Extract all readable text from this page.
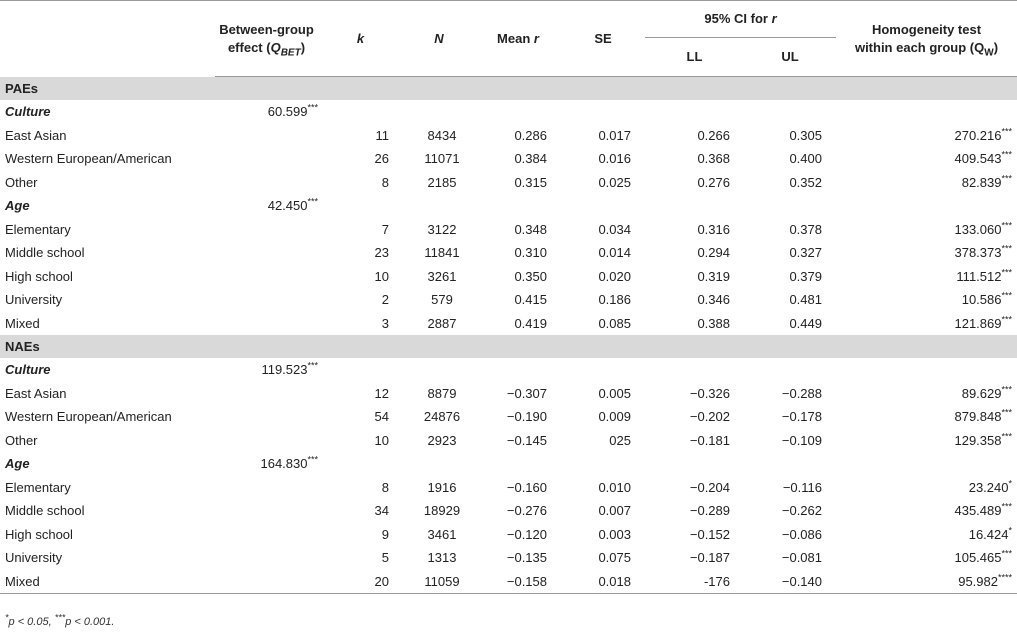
	Between-group
effect $(Q_{BET})$	k	N	Mean r	SE	95% CI for r		Homogeneity test
within each group $(Q_W)$
						LL	UL	
PAEs								
Culture	60.599***							
East Asian		11	8434	0.286	0.017	0.266	0.305	270.216***
Western European/American		26	11071	0.384	0.016	0.368	0.400	409.543***
Other		8	2185	0.315	0.025	0.276	0.352	82.839***
Age	42.450***							
Elementary		7	3122	0.348	0.034	0.316	0.378	133.060***
Middle school		23	11841	0.310	0.014	0.294	0.327	378.373***
High school		10	3261	0.350	0.020	0.319	0.379	111.512***
University		2	579	0.415	0.186	0.346	0.481	10.586***
Mixed		3	2887	0.419	0.085	0.388	0.449	121.869***
NAEs								
Culture	119.523***							
East Asian		12	8879	−0.307	0.005	−0.326	−0.288	89.629***
Western European/American		54	24876	−0.190	0.009	−0.202	−0.178	879.848***
Other		10	2923	−0.145	025	−0.181	−0.109	129.358***
Age	164.830***							
Elementary		8	1916	−0.160	0.010	−0.204	−0.116	23.240*
Middle school		34	18929	−0.276	0.007	−0.289	−0.262	435.489***
High school		9	3461	−0.120	0.003	−0.152	−0.086	16.424*
University		5	1313	−0.135	0.075	−0.187	−0.081	105.465***
Mixed		20	11059	−0.158	0.018	-176	−0.140	95.982****
*p < 0.05, ***p < 0.001.
